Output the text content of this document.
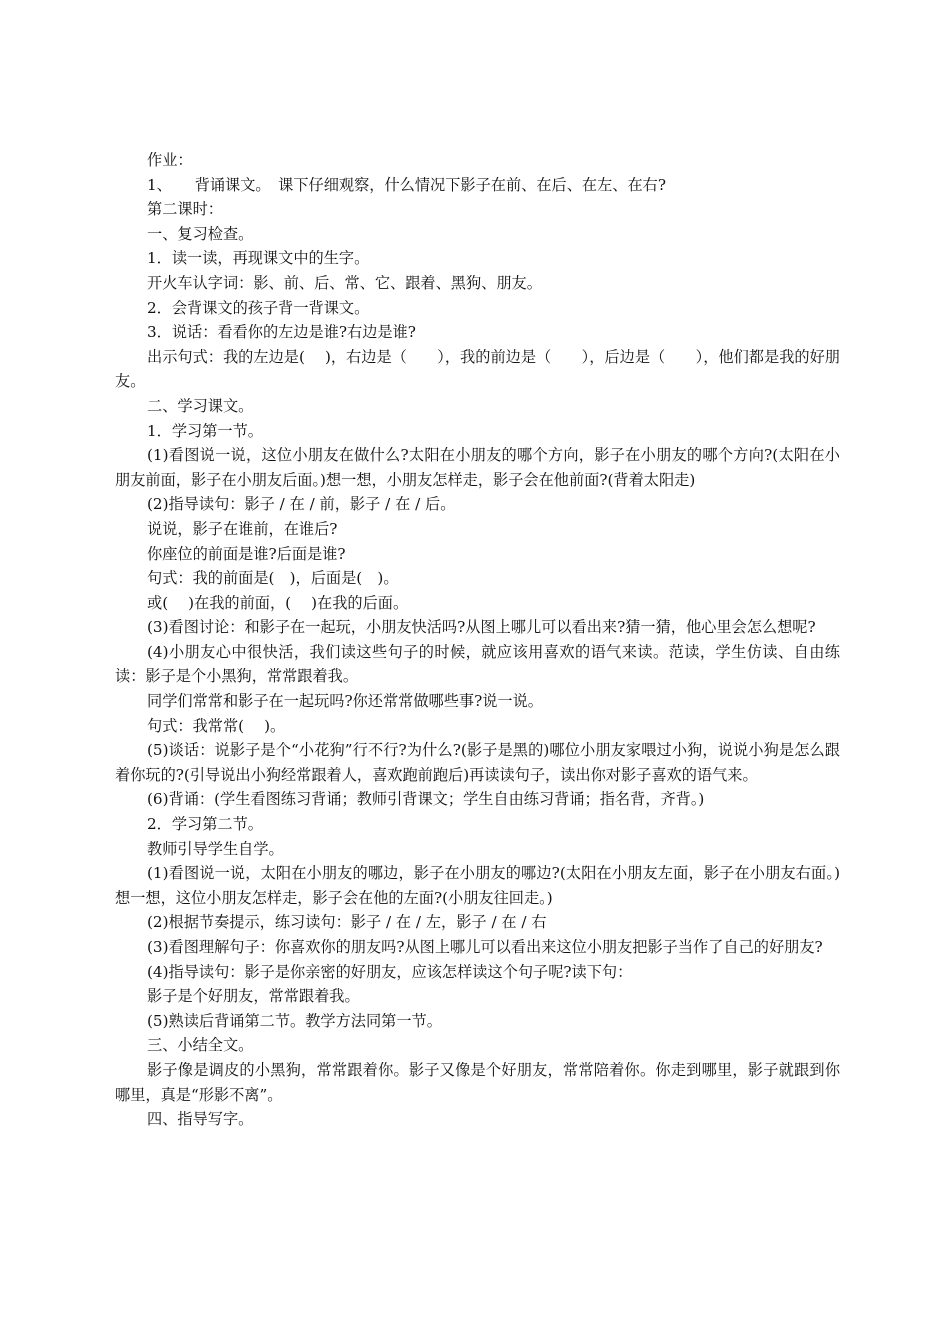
作业：

1、　　背诵课文。　课下仔细观察，什么情况下影子在前、在后、在左、在右?

第二课时：

一、复习检查。

1．读一读，再现课文中的生字。

开火车认字词：影、前、后、常、它、跟着、黑狗、朋友。

2．会背课文的孩子背一背课文。

3．说话：看看你的左边是谁?右边是谁?

出示句式：我的左边是(　 )，右边是（　　），我的前边是（　　），后边是（　　），他们都是我的好朋友。

二、学习课文。

1．学习第一节。

(1)看图说一说，这位小朋友在做什么?太阳在小朋友的哪个方向，影子在小朋友的哪个方向?(太阳在小朋友前面，影子在小朋友后面。)想一想，小朋友怎样走，影子会在他前面?(背着太阳走)

(2)指导读句：影子 / 在 / 前，影子 / 在 / 后。

说说，影子在谁前，在谁后?

你座位的前面是谁?后面是谁?

句式：我的前面是(　)，后面是(　)。

或(　 )在我的前面，(　 )在我的后面。

(3)看图讨论：和影子在一起玩，小朋友快活吗?从图上哪儿可以看出来?猜一猜，他心里会怎么想呢?

(4)小朋友心中很快活，我们读这些句子的时候，就应该用喜欢的语气来读。范读，学生仿读、自由练读：影子是个小黑狗，常常跟着我。

同学们常常和影子在一起玩吗?你还常常做哪些事?说一说。

句式：我常常(　 )。

(5)谈话：说影子是个“小花狗”行不行?为什么?(影子是黑的)哪位小朋友家喂过小狗，说说小狗是怎么跟着你玩的?(引导说出小狗经常跟着人，喜欢跑前跑后)再读读句子，读出你对影子喜欢的语气来。

(6)背诵：(学生看图练习背诵；教师引背课文；学生自由练习背诵；指名背，齐背。)

2．学习第二节。

教师引导学生自学。

(1)看图说一说，太阳在小朋友的哪边，影子在小朋友的哪边?(太阳在小朋友左面，影子在小朋友右面。)想一想，这位小朋友怎样走，影子会在他的左面?(小朋友往回走。)

(2)根据节奏提示，练习读句：影子 / 在 / 左，影子 / 在 / 右

(3)看图理解句子：你喜欢你的朋友吗?从图上哪儿可以看出来这位小朋友把影子当作了自己的好朋友?

(4)指导读句：影子是你亲密的好朋友，应该怎样读这个句子呢?读下句：

影子是个好朋友，常常跟着我。

(5)熟读后背诵第二节。教学方法同第一节。

三、小结全文。

影子像是调皮的小黑狗，常常跟着你。影子又像是个好朋友，常常陪着你。你走到哪里，影子就跟到你哪里，真是“形影不离”。

四、指导写字。
